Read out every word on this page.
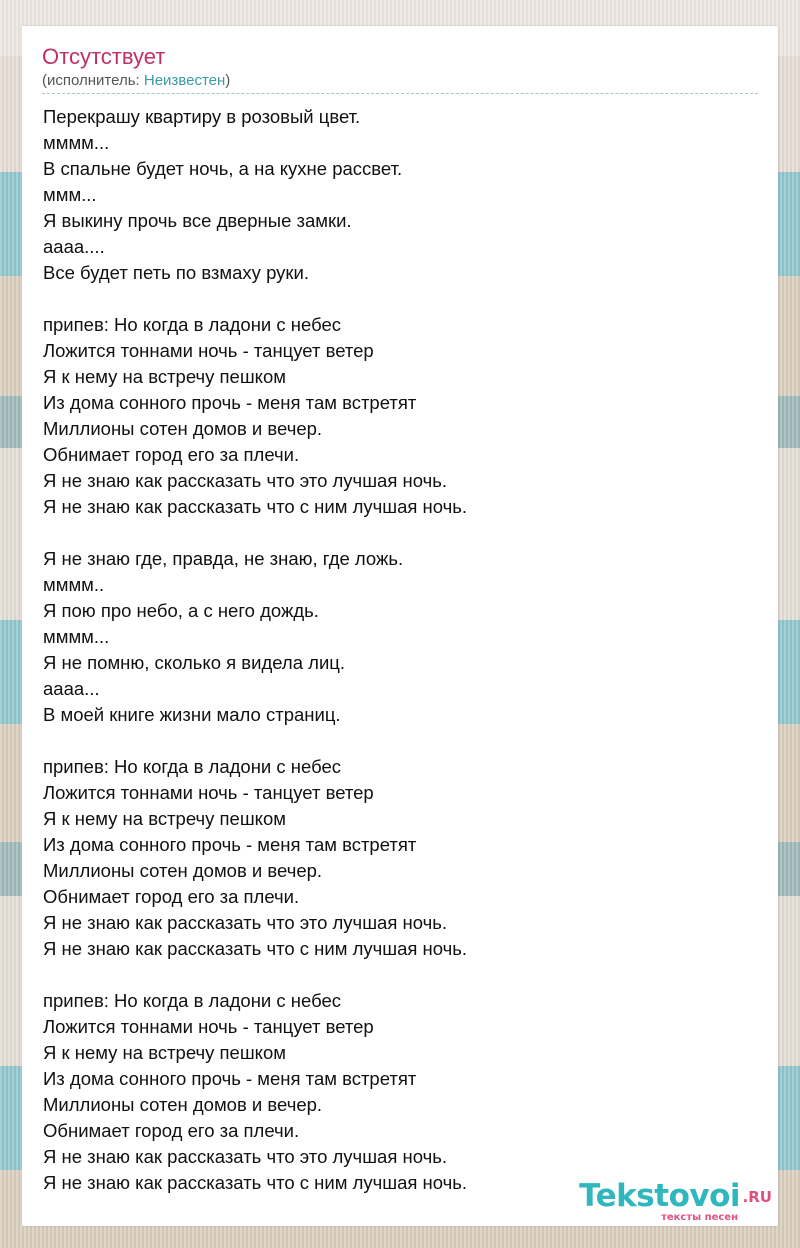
Отсутствует
(исполнитель: Неизвестен)
Перекрашу квартиру в розовый цвет.
мммм...
В спальне будет ночь, а на кухне рассвет.
ммм...
Я выкину прочь все дверные замки.
аааа....
Все будет петь по взмаху руки.
припев: Но когда в ладони с небес
Ложится тоннами ночь - танцует ветер
Я к нему на встречу пешком
Из дома сонного прочь - меня там встретят
Миллионы сотен домов и вечер.
Обнимает город его за плечи.
Я не знаю как рассказать что это лучшая ночь.
Я не знаю как рассказать что с ним лучшая ночь.
Я не знаю где, правда, не знаю, где ложь.
мммм..
Я пою про небо, а с него дождь.
мммм...
Я не помню, сколько я видела лиц.
аааа...
В моей книге жизни мало страниц.
припев: Но когда в ладони с небес
Ложится тоннами ночь - танцует ветер
Я к нему на встречу пешком
Из дома сонного прочь - меня там встретят
Миллионы сотен домов и вечер.
Обнимает город его за плечи.
Я не знаю как рассказать что это лучшая ночь.
Я не знаю как рассказать что с ним лучшая ночь.
припев: Но когда в ладони с небес
Ложится тоннами ночь - танцует ветер
Я к нему на встречу пешком
Из дома сонного прочь - меня там встретят
Миллионы сотен домов и вечер.
Обнимает город его за плечи.
Я не знаю как рассказать что это лучшая ночь.
Я не знаю как рассказать что с ним лучшая ночь.	Tekstovoi .RU
тексты песен
